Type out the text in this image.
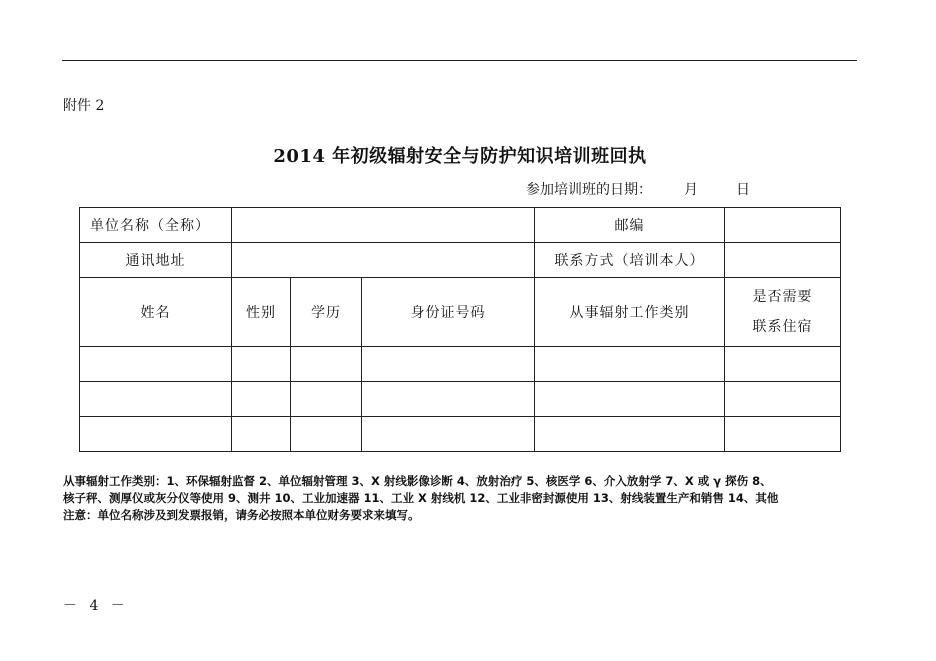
附件 2
2014 年初级辐射安全与防护知识培训班回执
参加培训班的日期： 月	日
单位名称（全称）				邮编	
通讯地址				联系方式（培训本人）	
姓名	性别	学历	身份证号码	从事辐射工作类别	是否需要
联系住宿

从事辐射工作类别：1、环保辐射监督 2、单位辐射管理 3、X 射线影像诊断 4、放射治疗 5、核医学 6、介入放射学 7、X 或 γ 探伤 8、
核子秤、测厚仪或灰分仪等使用 9、测井 10、工业加速器 11、工业 X 射线机 12、工业非密封源使用 13、射线装置生产和销售 14、其他
注意：单位名称涉及到发票报销，请务必按照本单位财务要求来填写。
－ 4 －
